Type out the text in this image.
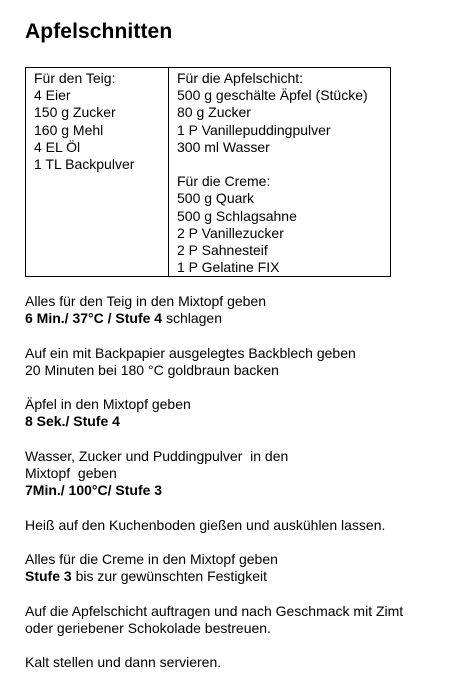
Apfelschnitten
Für den Teig:
4 Eier
150 g Zucker
160 g Mehl
4 EL Öl
1 TL Backpulver
Für die Apfelschicht:
500 g geschälte Äpfel (Stücke)
80 g Zucker
1 P Vanillepuddingpulver
300 ml Wasser
Für die Creme:
500 g Quark
500 g Schlagsahne
2 P Vanillezucker
2 P Sahnesteif
1 P Gelatine FIX
Alles für den Teig in den Mixtopf geben
6 Min./ 37°C / Stufe 4 schlagen
Auf ein mit Backpapier ausgelegtes Backblech geben
20 Minuten bei 180 °C goldbraun backen
Äpfel in den Mixtopf geben
8 Sek./ Stufe 4
Wasser, Zucker und Puddingpulver  in den
Mixtopf  geben
7Min./ 100°C/ Stufe 3
Heiß auf den Kuchenboden gießen und auskühlen lassen.
Alles für die Creme in den Mixtopf geben
Stufe 3 bis zur gewünschten Festigkeit
Auf die Apfelschicht auftragen und nach Geschmack mit Zimt
oder geriebener Schokolade bestreuen.
Kalt stellen und dann servieren.
